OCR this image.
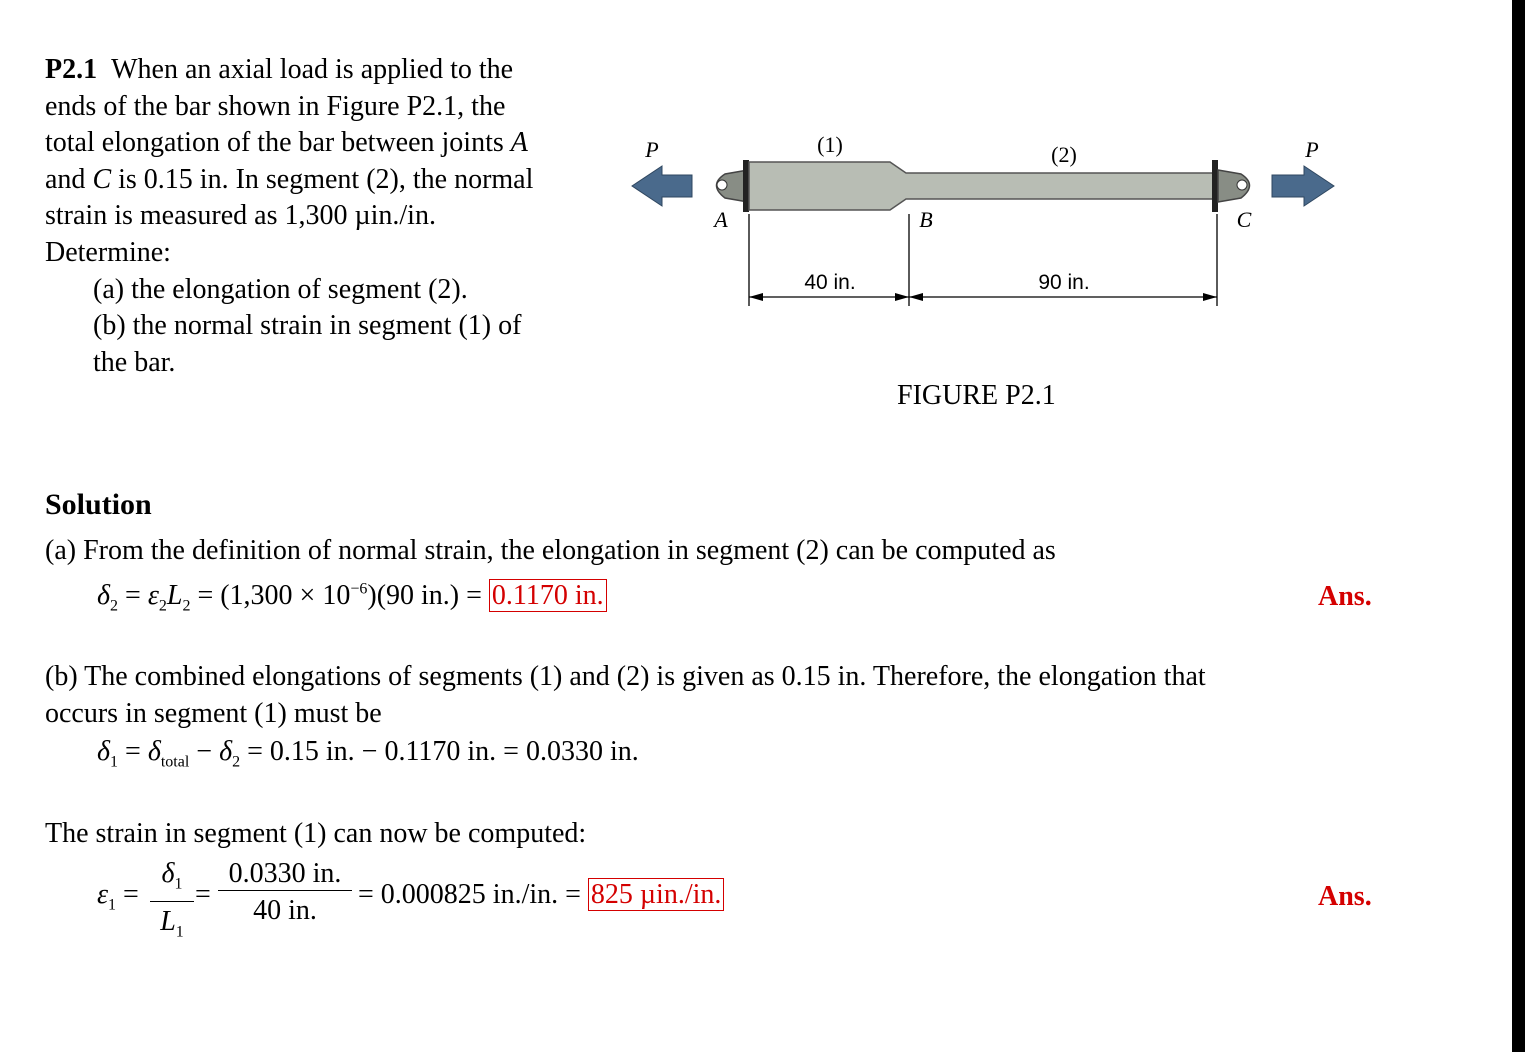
P2.1 When an axial load is applied to the
ends of the bar shown in Figure P2.1, the
total elongation of the bar between joints A
and C is 0.15 in. In segment (2), the normal
strain is measured as 1,300 µin./in.
Determine:
(a) the elongation of segment (2).
(b) the normal strain in segment (1) of
the bar.
P	P
(1)	(2)
A	B	C
40 in.	90 in.
FIGURE P2.1
Solution
(a) From the definition of normal strain, the elongation in segment (2) can be computed as
$\delta_2 = \varepsilon_2L_2 = (1,300 \times 10^{-6})(90$ in.) = 0.1170 in.	Ans.
(b) The combined elongations of segments (1) and (2) is given as 0.15 in. Therefore, the elongation that
occurs in segment (1) must be
$\delta_1 = \delta_{total} - \delta_2 = 0.15$ in. − 0.1170 in. = 0.0330 in.
The strain in segment (1) can now be computed:
$\varepsilon_1 = \frac{\delta_1}{L_1} = \frac{0.0330 in.}{40 in.} = 0.000825$ in./in. = 825 µin./in.	Ans.
